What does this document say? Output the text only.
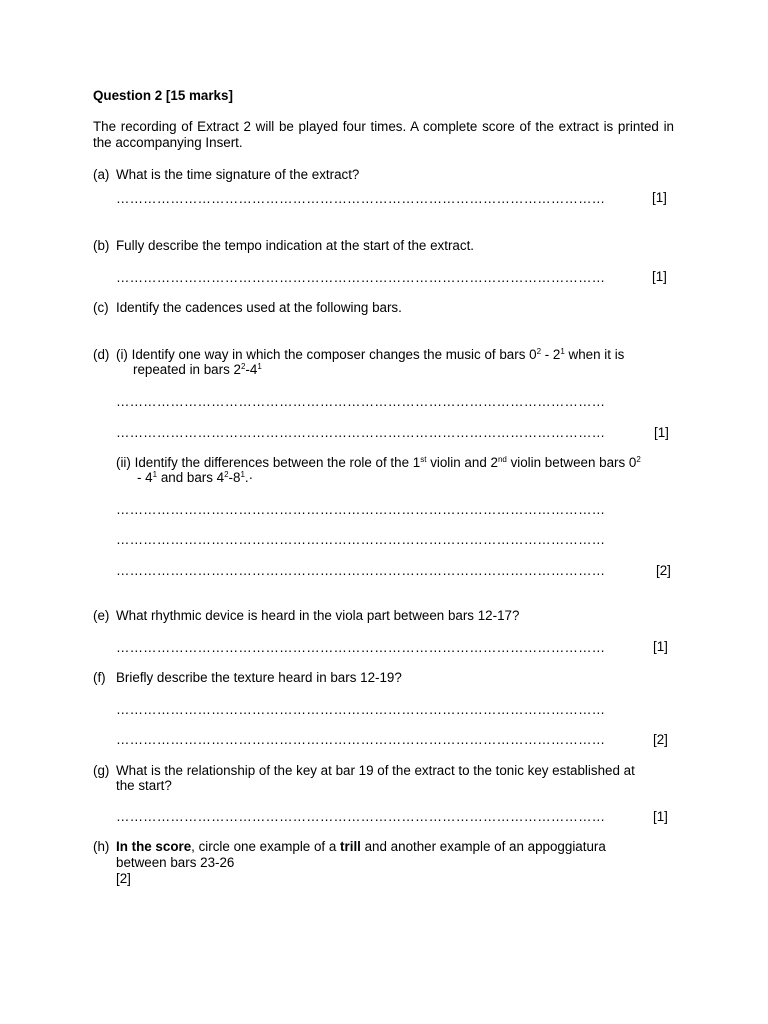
Question 2 [15 marks]
The recording of Extract 2 will be played four times. A complete score of the extract is printed in the accompanying Insert.
(a) What is the time signature of the extract?
………………………………………………………………………………………………	[1]
(b) Fully describe the tempo indication at the start of the extract.
………………………………………………………………………………………………	[1]
(c) Identify the cadences used at the following bars.
(d) (i) Identify one way in which the composer changes the music of bars $0^2 - 2^1$ when it is
repeated in bars $2^2-4^1$
………………………………………………………………………………………………
………………………………………………………………………………………………	[1]
(ii) Identify the differences between the role of the 1st violin and 2nd violin between bars $0^2$
- $4^1$ and bars $4^2-8^1.\cdot$
………………………………………………………………………………………………
………………………………………………………………………………………………
………………………………………………………………………………………………	[2]
(e) What rhythmic device is heard in the viola part between bars 12-17?
………………………………………………………………………………………………	[1]
(f) Briefly describe the texture heard in bars 12-19?
………………………………………………………………………………………………
………………………………………………………………………………………………	[2]
(g) What is the relationship of the key at bar 19 of the extract to the tonic key established at
the start?
………………………………………………………………………………………………	[1]
(h) In the score, circle one example of a trill and another example of an appoggiatura
between bars 23-26
[2]
